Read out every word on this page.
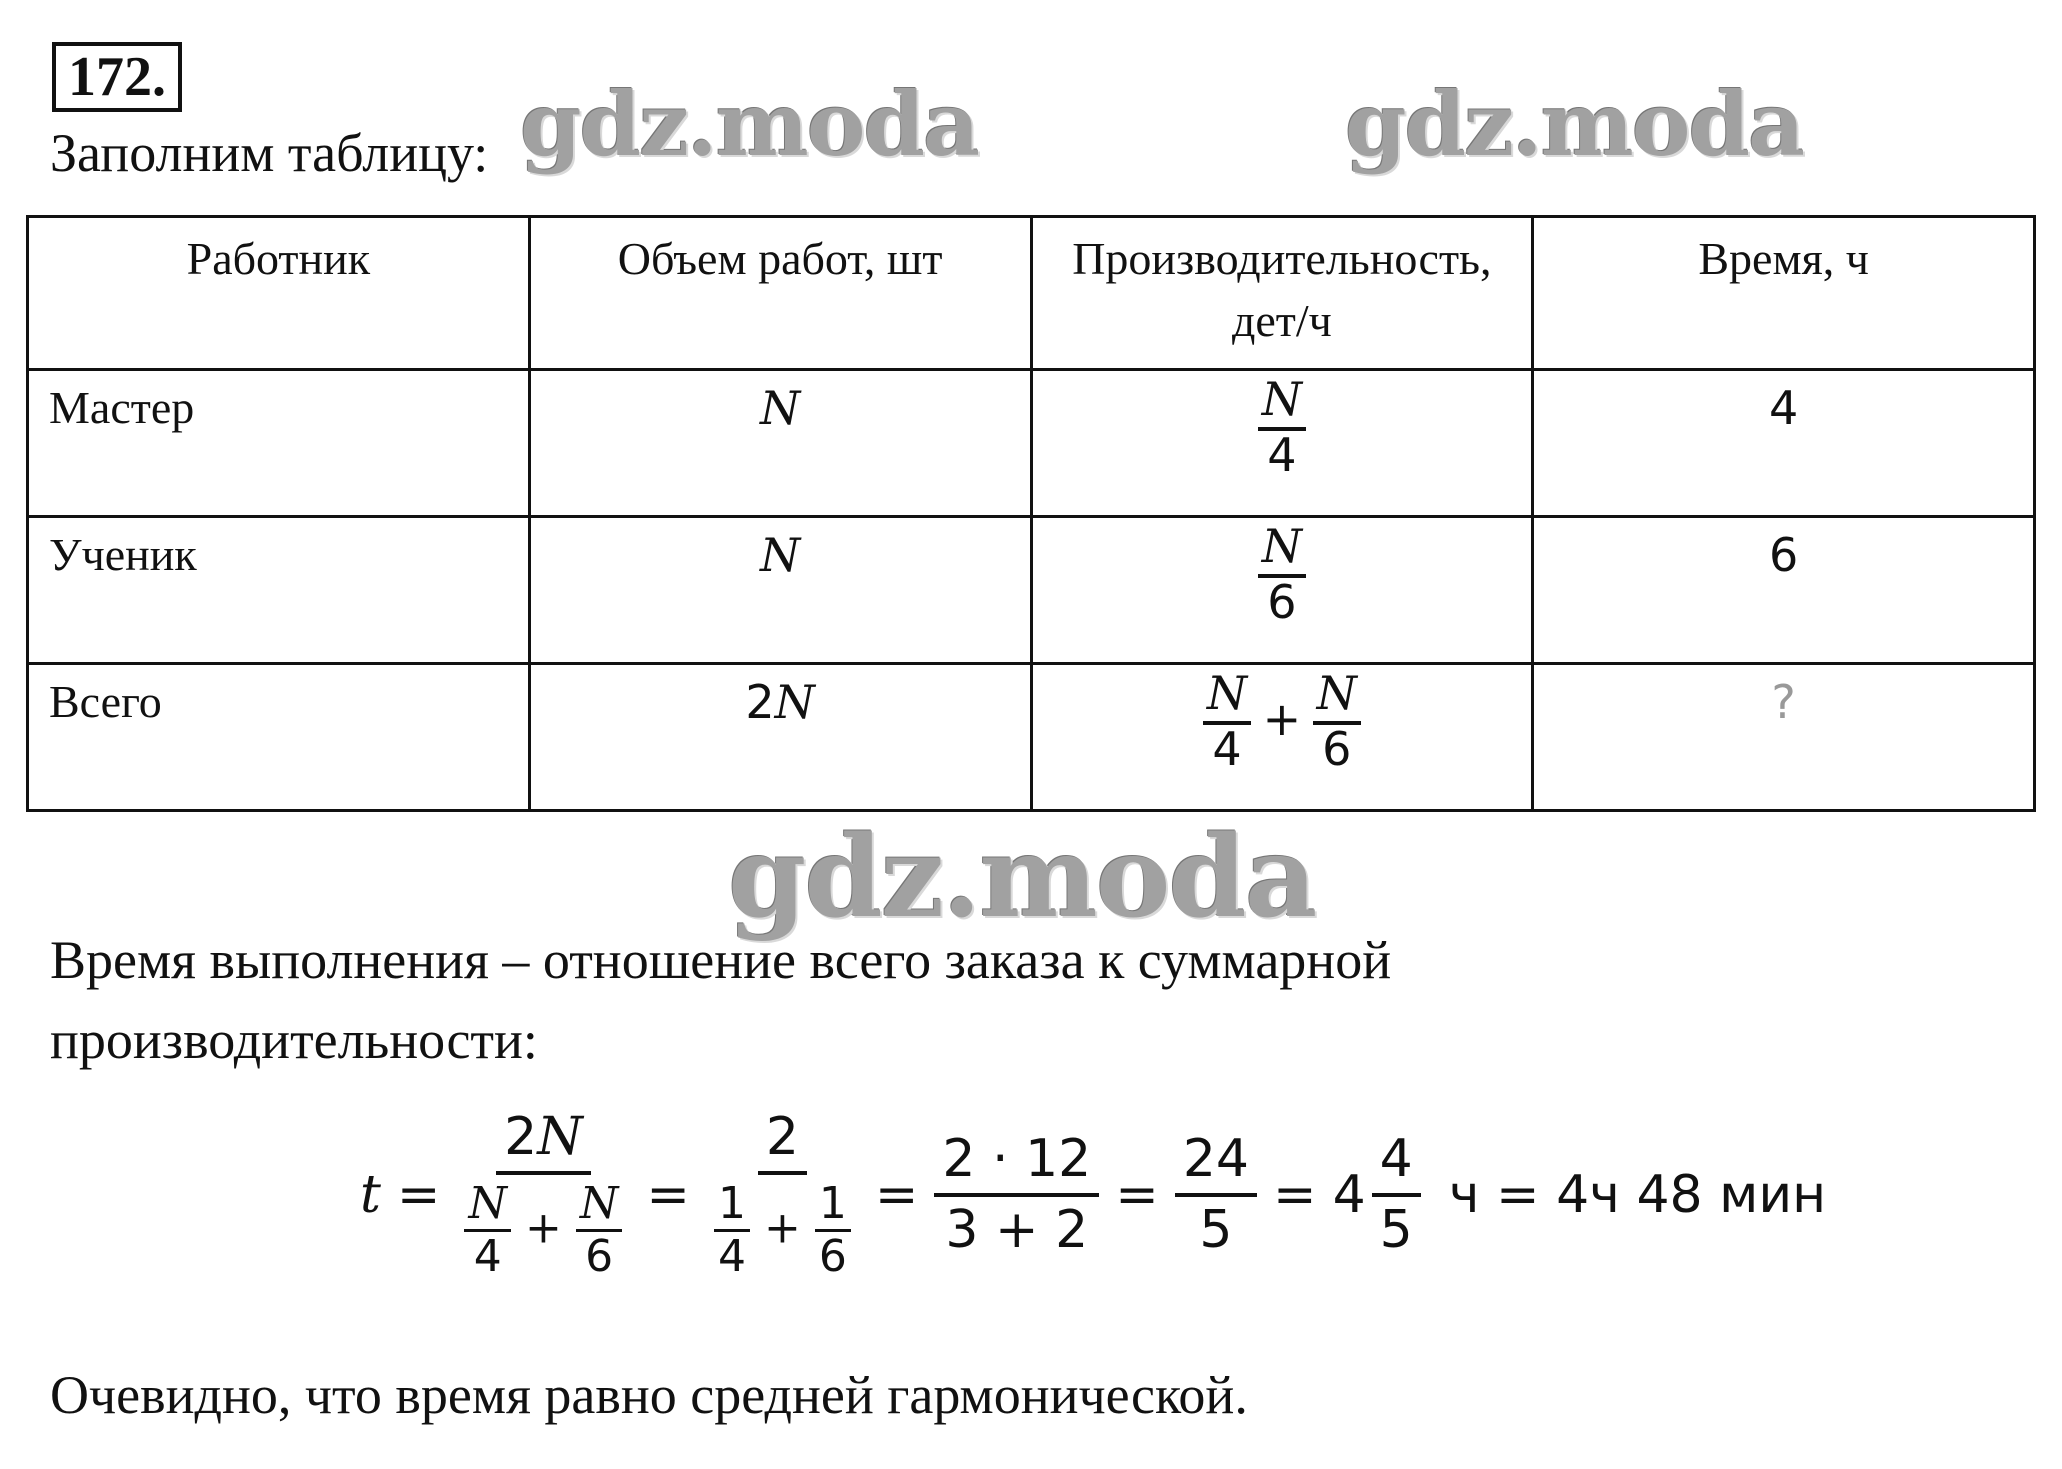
172.
Заполним таблицу: gdz.moda	gdz.moda
Работник	Объем работ, шт	Производительность, дет/ч	Время, ч
Мастер	N	$\frac{N}{4}$	4
Ученик	N	$\frac{N}{6}$	6
Всего	2N	$\frac{N}{4} + \frac{N}{6}$	?
gdz.moda
Время выполнения – отношение всего заказа к суммарной производительности:
$t = \frac{2N}{\frac{N}{4} + \frac{N}{6}} = \frac{2}{\frac{1}{4} + \frac{1}{6}} = \frac{2 \cdot 12}{3 + 2} = \frac{24}{5} = 4 \frac{4}{5}$ ч = 4ч 48 мин
Очевидно, что время равно средней гармонической.
